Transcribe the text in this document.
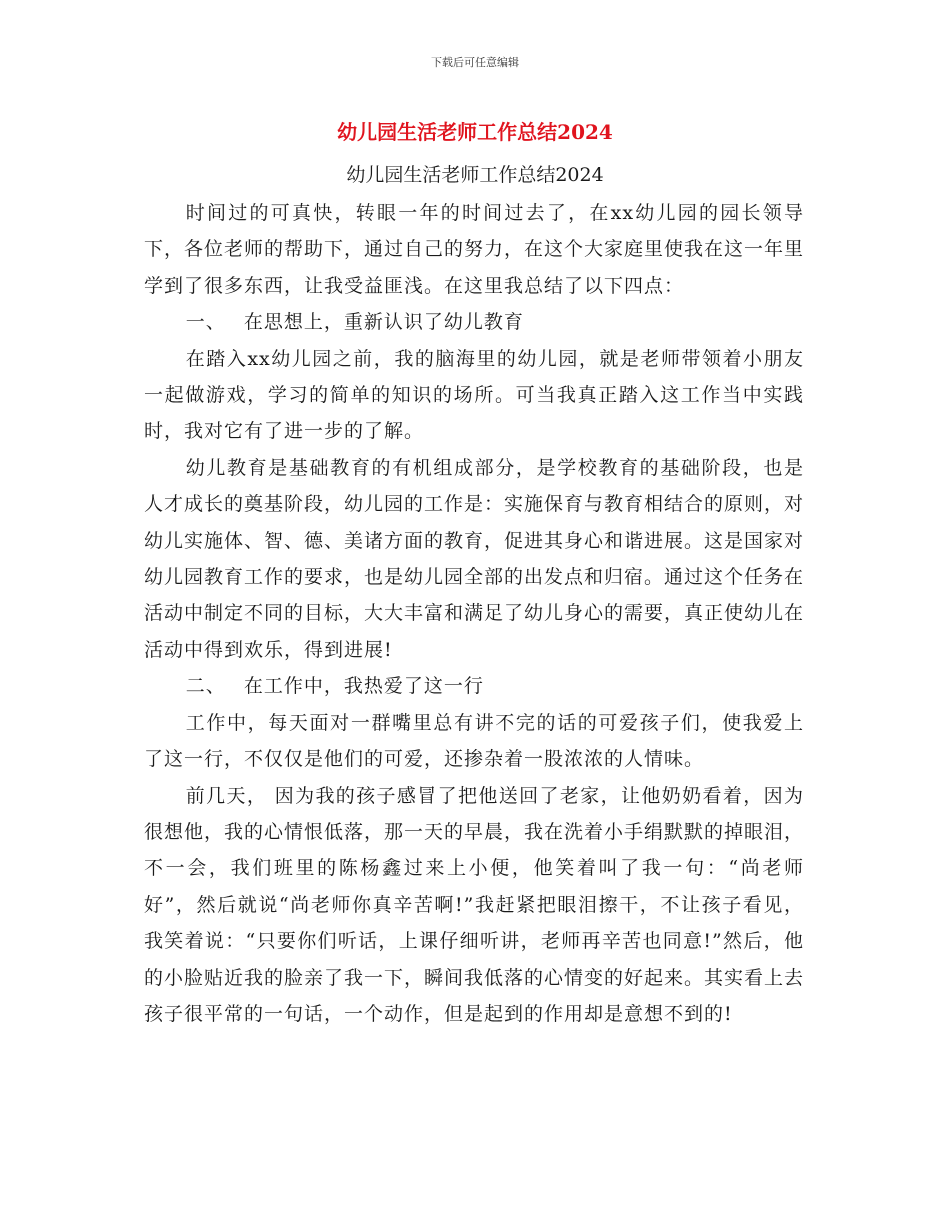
下载后可任意编辑
幼儿园生活老师工作总结2024
幼儿园生活老师工作总结2024

时间过的可真快，转眼一年的时间过去了，在xx幼儿园的园长领导下，各位老师的帮助下，通过自己的努力，在这个大家庭里使我在这一年里学到了很多东西，让我受益匪浅。在这里我总结了以下四点：

一、 在思想上，重新认识了幼儿教育

在踏入xx幼儿园之前，我的脑海里的幼儿园，就是老师带领着小朋友一起做游戏，学习的简单的知识的场所。可当我真正踏入这工作当中实践时，我对它有了进一步的了解。

幼儿教育是基础教育的有机组成部分，是学校教育的基础阶段，也是人才成长的奠基阶段，幼儿园的工作是：实施保育与教育相结合的原则，对幼儿实施体、智、德、美诸方面的教育，促进其身心和谐进展。这是国家对幼儿园教育工作的要求，也是幼儿园全部的出发点和归宿。通过这个任务在活动中制定不同的目标，大大丰富和满足了幼儿身心的需要，真正使幼儿在活动中得到欢乐，得到进展!

二、 在工作中，我热爱了这一行

工作中，每天面对一群嘴里总有讲不完的话的可爱孩子们，使我爱上了这一行，不仅仅是他们的可爱，还掺杂着一股浓浓的人情味。

前几天， 因为我的孩子感冒了把他送回了老家，让他奶奶看着，因为很想他，我的心情恨低落，那一天的早晨，我在洗着小手绢默默的掉眼泪，不一会，我们班里的陈杨鑫过来上小便，他笑着叫了我一句：“尚老师好”，然后就说“尚老师你真辛苦啊!”我赶紧把眼泪擦干，不让孩子看见，我笑着说：“只要你们听话，上课仔细听讲，老师再辛苦也同意!”然后，他的小脸贴近我的脸亲了我一下，瞬间我低落的心情变的好起来。其实看上去孩子很平常的一句话，一个动作，但是起到的作用却是意想不到的!
